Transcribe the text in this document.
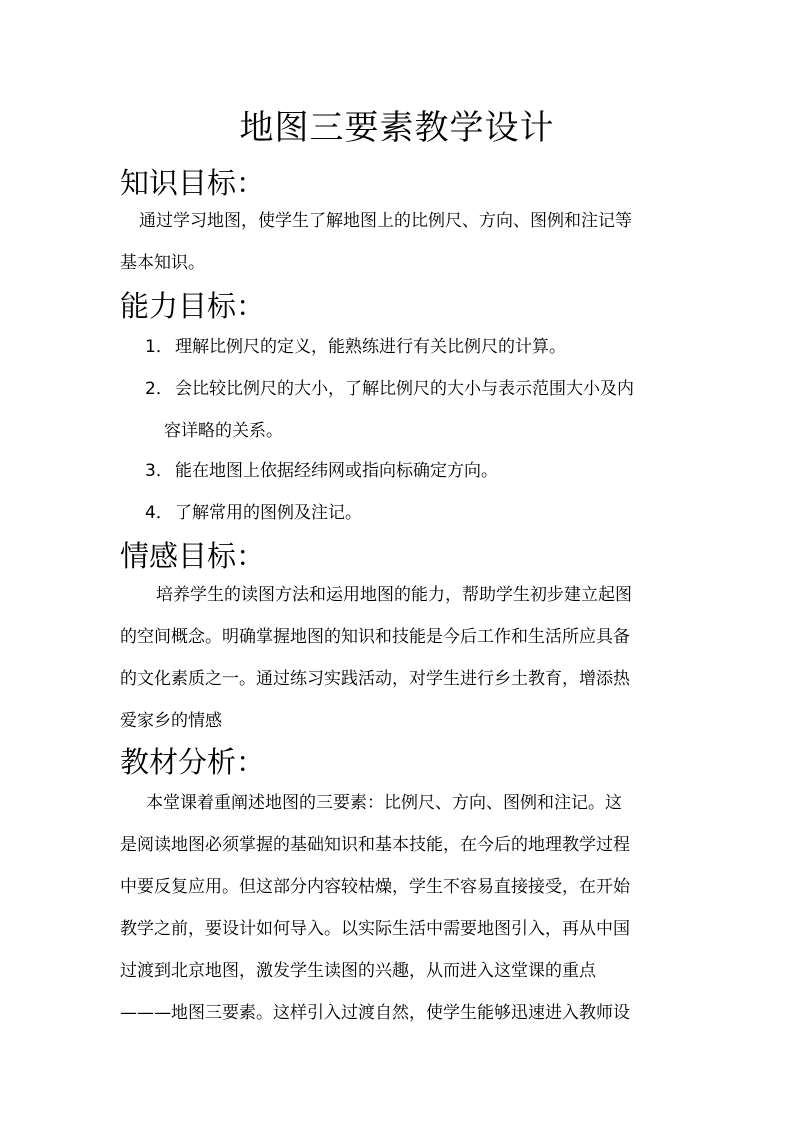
地图三要素教学设计
知识目标：
通过学习地图，使学生了解地图上的比例尺、方向、图例和注记等
基本知识。
能力目标：
1． 理解比例尺的定义，能熟练进行有关比例尺的计算。
2． 会比较比例尺的大小，了解比例尺的大小与表示范围大小及内
容详略的关系。
3． 能在地图上依据经纬网或指向标确定方向。
4． 了解常用的图例及注记。
情感目标：
培养学生的读图方法和运用地图的能力，帮助学生初步建立起图
的空间概念。明确掌握地图的知识和技能是今后工作和生活所应具备
的文化素质之一。通过练习实践活动，对学生进行乡土教育，增添热
爱家乡的情感
教材分析：
本堂课着重阐述地图的三要素：比例尺、方向、图例和注记。这
是阅读地图必须掌握的基础知识和基本技能，在今后的地理教学过程
中要反复应用。但这部分内容较枯燥，学生不容易直接接受，在开始
教学之前，要设计如何导入。以实际生活中需要地图引入，再从中国
过渡到北京地图，激发学生读图的兴趣，从而进入这堂课的重点
———地图三要素。这样引入过渡自然，使学生能够迅速进入教师设
